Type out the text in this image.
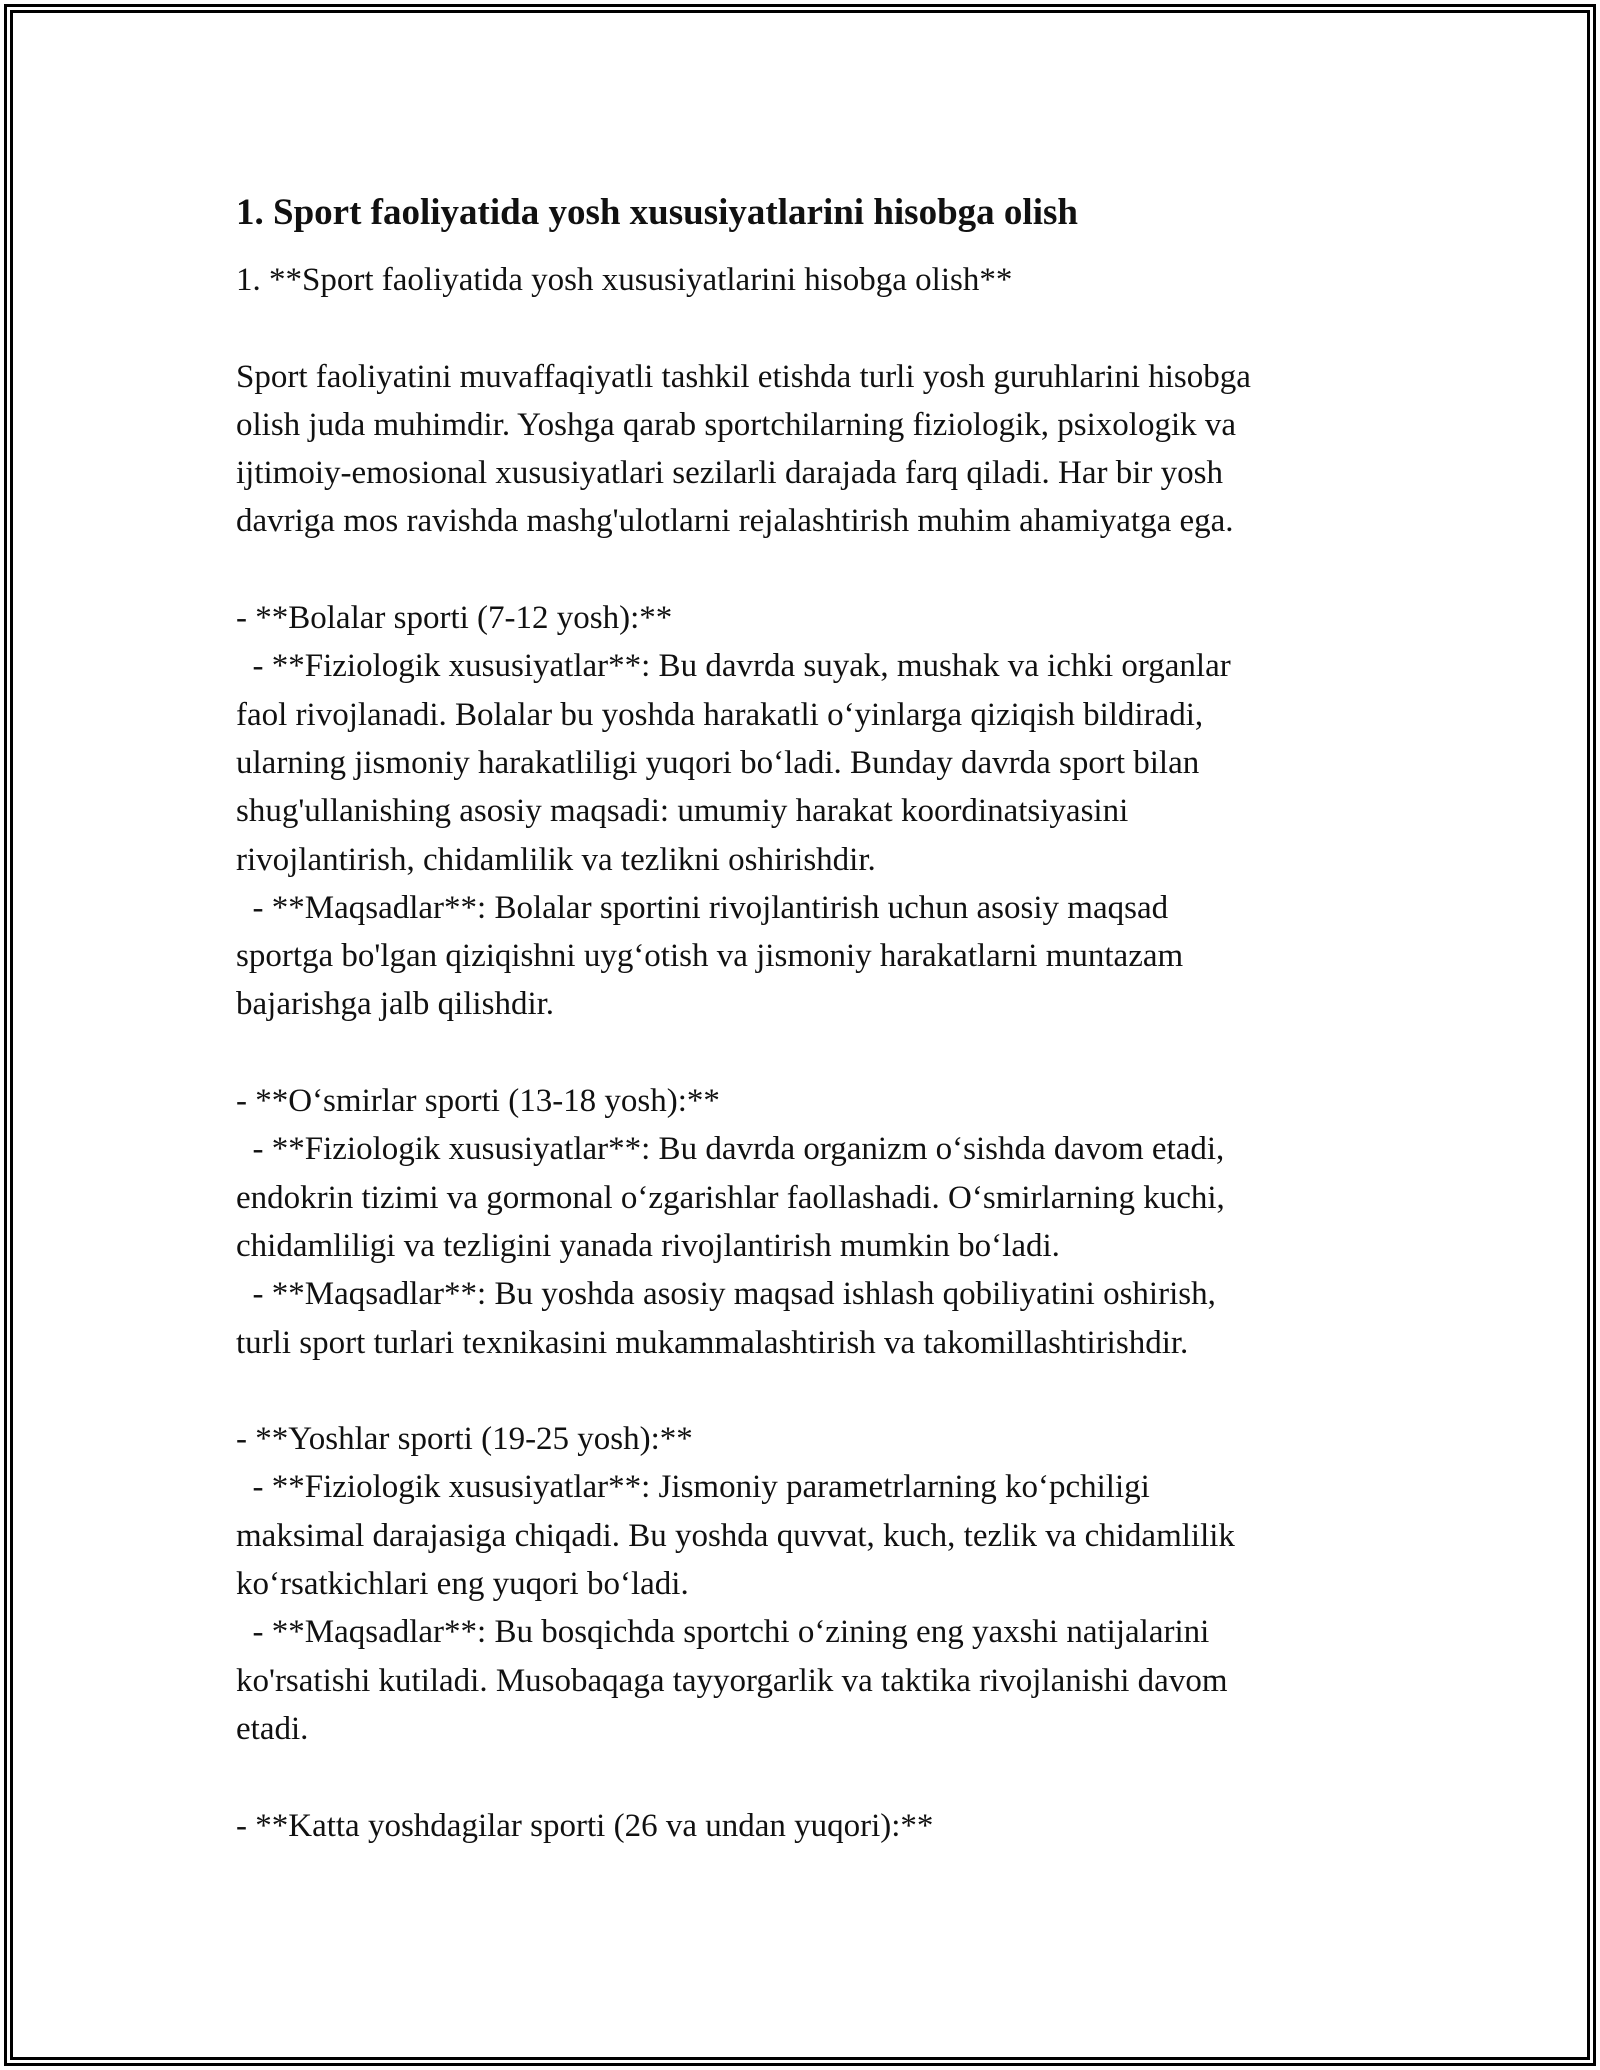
1. Sport faoliyatida yosh xususiyatlarini hisobga olish

1. **Sport faoliyatida yosh xususiyatlarini hisobga olish**

Sport faoliyatini muvaffaqiyatli tashkil etishda turli yosh guruhlarini hisobga

olish juda muhimdir. Yoshga qarab sportchilarning fiziologik, psixologik va

ijtimoiy-emosional xususiyatlari sezilarli darajada farq qiladi. Har bir yosh

davriga mos ravishda mashg'ulotlarni rejalashtirish muhim ahamiyatga ega.

- **Bolalar sporti (7-12 yosh):**

- **Fiziologik xususiyatlar**: Bu davrda suyak, mushak va ichki organlar

faol rivojlanadi. Bolalar bu yoshda harakatli o‘yinlarga qiziqish bildiradi,

ularning jismoniy harakatliligi yuqori bo‘ladi. Bunday davrda sport bilan

shug'ullanishing asosiy maqsadi: umumiy harakat koordinatsiyasini

rivojlantirish, chidamlilik va tezlikni oshirishdir.

- **Maqsadlar**: Bolalar sportini rivojlantirish uchun asosiy maqsad

sportga bo'lgan qiziqishni uyg‘otish va jismoniy harakatlarni muntazam

bajarishga jalb qilishdir.

- **O‘smirlar sporti (13-18 yosh):**

- **Fiziologik xususiyatlar**: Bu davrda organizm o‘sishda davom etadi,

endokrin tizimi va gormonal o‘zgarishlar faollashadi. O‘smirlarning kuchi,

chidamliligi va tezligini yanada rivojlantirish mumkin bo‘ladi.

- **Maqsadlar**: Bu yoshda asosiy maqsad ishlash qobiliyatini oshirish,

turli sport turlari texnikasini mukammalashtirish va takomillashtirishdir.

- **Yoshlar sporti (19-25 yosh):**

- **Fiziologik xususiyatlar**: Jismoniy parametrlarning ko‘pchiligi

maksimal darajasiga chiqadi. Bu yoshda quvvat, kuch, tezlik va chidamlilik

ko‘rsatkichlari eng yuqori bo‘ladi.

- **Maqsadlar**: Bu bosqichda sportchi o‘zining eng yaxshi natijalarini

ko'rsatishi kutiladi. Musobaqaga tayyorgarlik va taktika rivojlanishi davom

etadi.

- **Katta yoshdagilar sporti (26 va undan yuqori):**
